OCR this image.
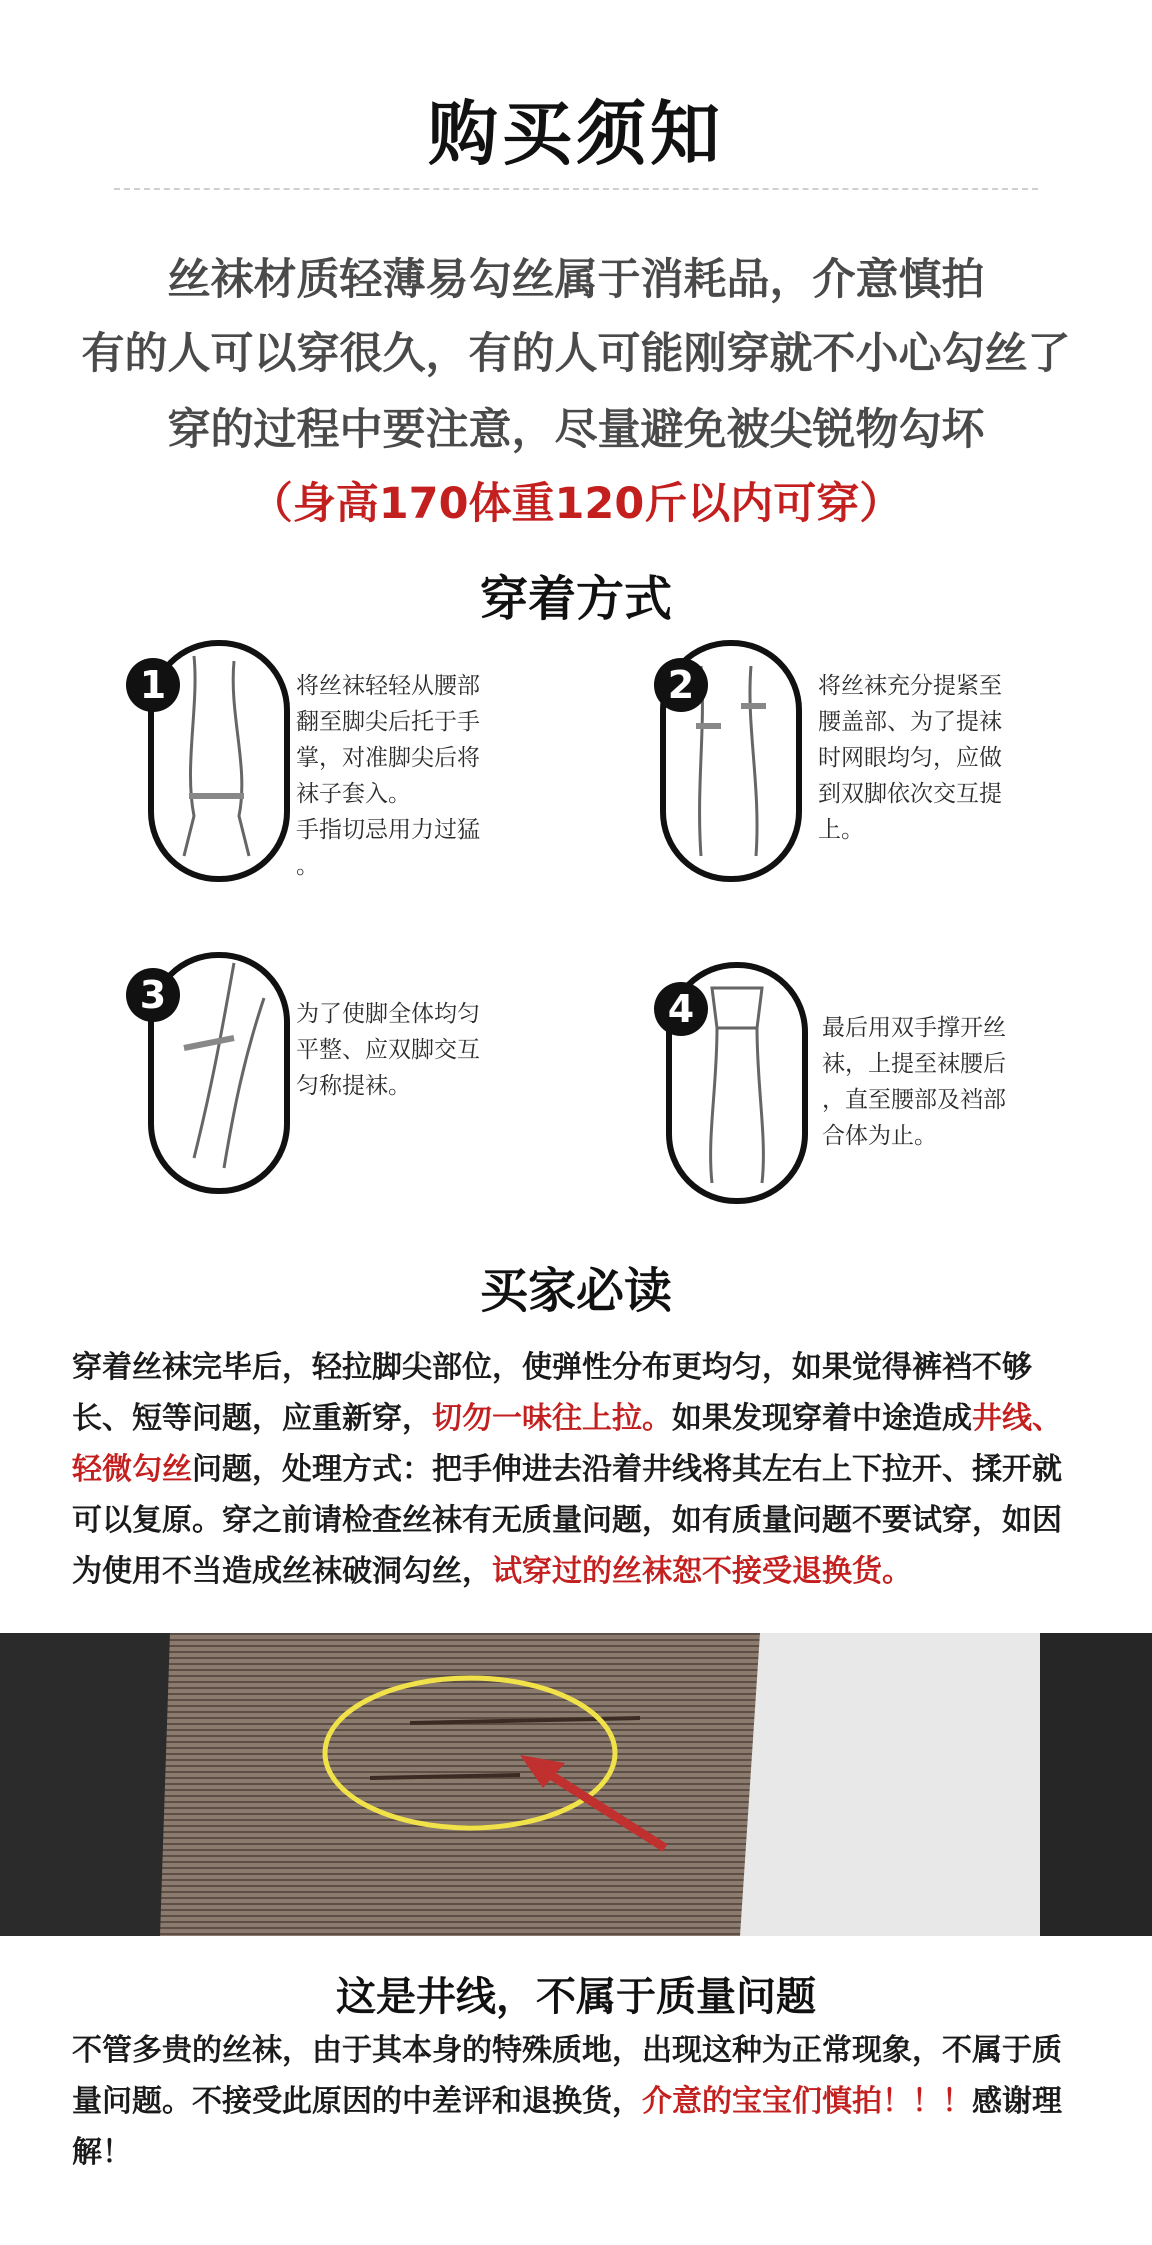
购买须知
丝袜材质轻薄易勾丝属于消耗品，介意慎拍
有的人可以穿很久，有的人可能刚穿就不小心勾丝了
穿的过程中要注意，尽量避免被尖锐物勾坏
（身高170体重120斤以内可穿）
穿着方式
1	将丝袜轻轻从腰部
翻至脚尖后托于手
掌，对准脚尖后将
袜子套入。
手指切忌用力过猛
。
2	将丝袜充分提紧至
腰盖部、为了提袜
时网眼均匀，应做
到双脚依次交互提
上。
3	为了使脚全体均匀
平整、应双脚交互
匀称提袜。
4	最后用双手撑开丝
袜，上提至袜腰后
，直至腰部及裆部
合体为止。
买家必读
穿着丝袜完毕后，轻拉脚尖部位，使弹性分布更均匀，如果觉得裤裆不够长、短等问题，应重新穿，切勿一味往上拉。如果发现穿着中途造成井线、轻微勾丝问题，处理方式：把手伸进去沿着井线将其左右上下拉开、揉开就可以复原。穿之前请检查丝袜有无质量问题，如有质量问题不要试穿，如因为使用不当造成丝袜破洞勾丝，试穿过的丝袜恕不接受退换货。
这是井线，不属于质量问题
不管多贵的丝袜，由于其本身的特殊质地，出现这种为正常现象，不属于质量问题。不接受此原因的中差评和退换货，介意的宝宝们慎拍！！！感谢理解！
